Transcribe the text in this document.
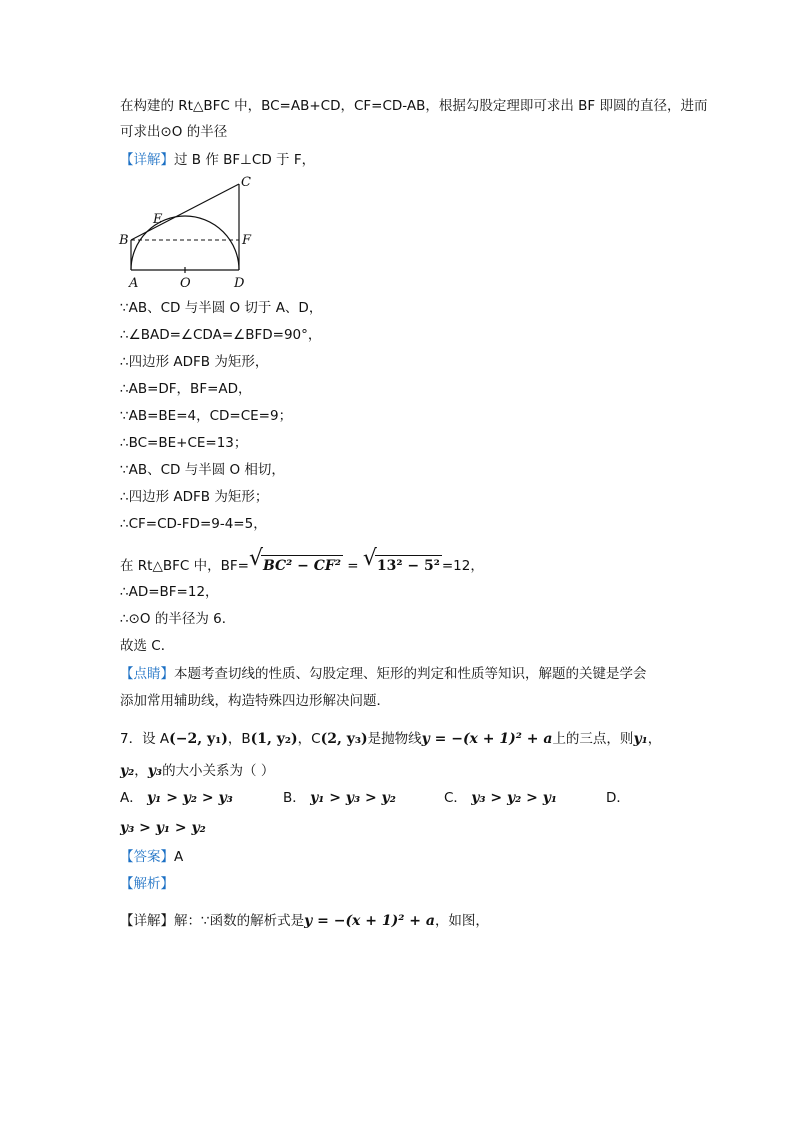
在构建的 Rt△BFC 中，BC=AB+CD，CF=CD-AB，根据勾股定理即可求出 BF 即圆的直径，进而
可求出⊙O 的半径
【详解】过 B 作 BF⊥CD 于 F，
C
E
B	F
A	O	D
∵AB、CD 与半圆 O 切于 A、D，
∴∠BAD=∠CDA=∠BFD=90°，
∴四边形 ADFB 为矩形，
∴AB=DF，BF=AD，
∵AB=BE=4，CD=CE=9；
∴BC=BE+CE=13；
∵AB、CD 与半圆 O 相切，
∴四边形 ADFB 为矩形；
∴CF=CD-FD=9-4=5，
在 Rt△BFC 中，BF= √ BC² − CF² = √ 13² − 5² =12，
∴AD=BF=12，
∴⊙O 的半径为 6．
故选 C．
【点睛】本题考查切线的性质、勾股定理、矩形的判定和性质等知识，解题的关键是学会
添加常用辅助线，构造特殊四边形解决问题．
7．设 A(−2, y₁)，B(1, y₂)，C(2, y₃)是抛物线y = −(x + 1)² + a上的三点，则y₁，
y₂，y₃的大小关系为（ ）
A． y₁ > y₂ > y₃	B． y₁ > y₃ > y₂	C． y₃ > y₂ > y₁	D．
y₃ > y₁ > y₂
【答案】A
【解析】
【详解】解：∵函数的解析式是y = −(x + 1)² + a，如图，
